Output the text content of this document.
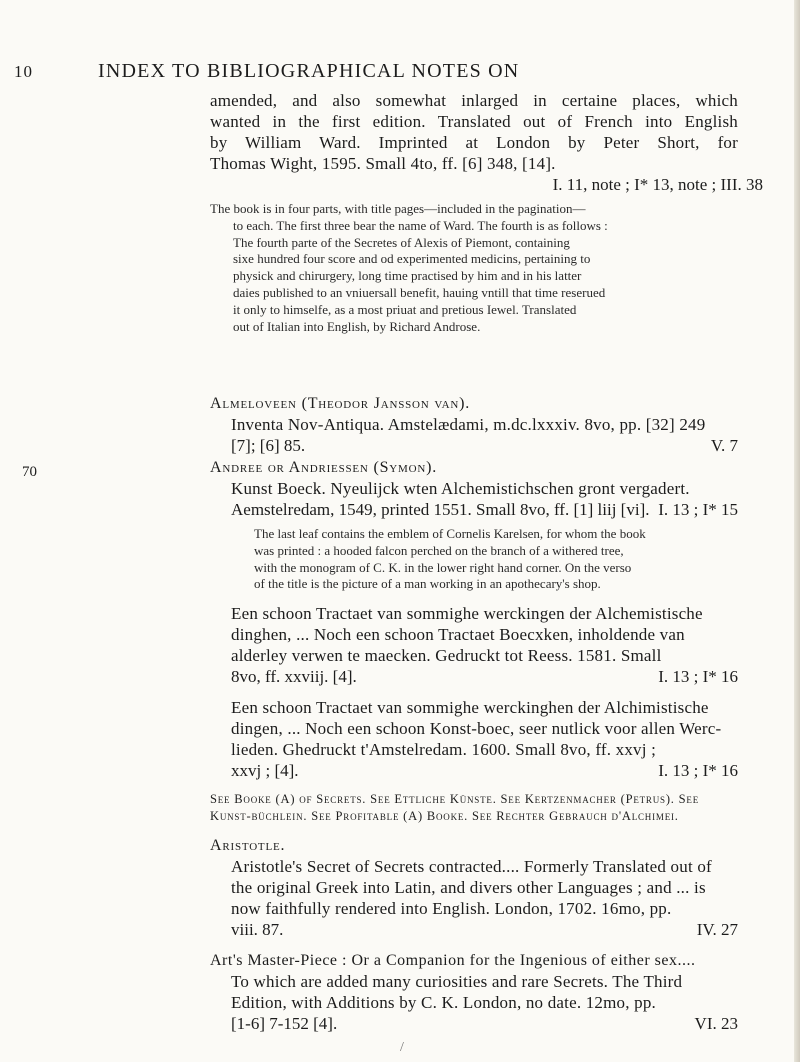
10	INDEX TO BIBLIOGRAPHICAL NOTES ON
amended, and also somewhat inlarged in certaine places, which
wanted in the first edition. Translated out of French into English
by William Ward. Imprinted at London by Peter Short, for
Thomas Wight, 1595. Small 4to, ff. [6] 348, [14].
I. 11, note ; I* 13, note ; III. 38
The book is in four parts, with title pages—included in the pagination—
to each. The first three bear the name of Ward. The fourth is as follows :
The fourth parte of the Secretes of Alexis of Piemont, containing
sixe hundred four score and od experimented medicins, pertaining to
physick and chirurgery, long time practised by him and in his latter
daies published to an vniuersall benefit, hauing vntill that time reserued
it only to himselfe, as a most priuat and pretious Iewel. Translated
out of Italian into English, by Richard Androse.
Almeloveen (Theodor Jansson van).
Inventa Nov-Antiqua. Amstelædami, m.dc.lxxxiv. 8vo, pp. [32] 249
[7]; [6] 85.	V. 7
70	Andree or Andriessen (Symon).
Kunst Boeck. Nyeulijck wten Alchemistichschen gront vergadert.
Aemstelredam, 1549, printed 1551. Small 8vo, ff. [1] liij [vi]. I. 13 ; I* 15
The last leaf contains the emblem of Cornelis Karelsen, for whom the book
was printed : a hooded falcon perched on the branch of a withered tree,
with the monogram of C. K. in the lower right hand corner. On the verso
of the title is the picture of a man working in an apothecary's shop.
Een schoon Tractaet van sommighe werckingen der Alchemistische
dinghen, ... Noch een schoon Tractaet Boecxken, inholdende van
alderley verwen te maecken. Gedruckt tot Reess. 1581. Small
8vo, ff. xxviij. [4].	I. 13 ; I* 16
Een schoon Tractaet van sommighe werckinghen der Alchimistische
dingen, ... Noch een schoon Konst-boec, seer nutlick voor allen Werc-
lieden. Ghedruckt t'Amstelredam. 1600. Small 8vo, ff. xxvj ;
xxvj ; [4].	I. 13 ; I* 16
See Booke (A) of Secrets. See Ettliche Künste. See Kertzenmacher (Petrus). See
Kunst-büchlein. See Profitable (A) Booke. See Rechter Gebrauch d'Alchimei.
Aristotle.
Aristotle's Secret of Secrets contracted.... Formerly Translated out of
the original Greek into Latin, and divers other Languages ; and ... is
now faithfully rendered into English. London, 1702. 16mo, pp.
viii. 87.	IV. 27
Art's Master-Piece : Or a Companion for the Ingenious of either sex....
To which are added many curiosities and rare Secrets. The Third
Edition, with Additions by C. K. London, no date. 12mo, pp.
[1-6] 7-152 [4].	VI. 23
/
